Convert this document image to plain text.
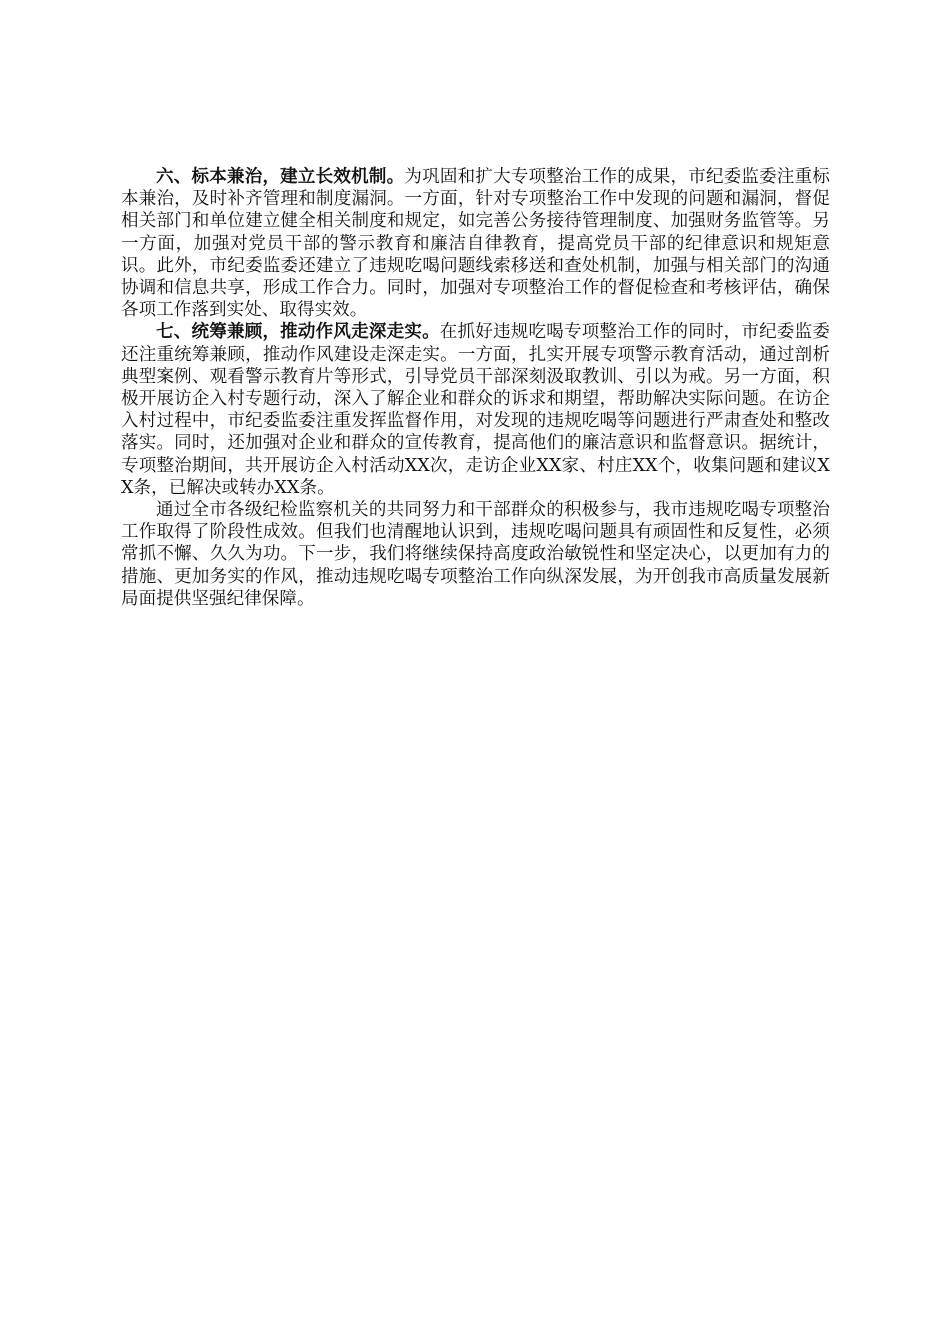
六、标本兼治，建立长效机制。为巩固和扩大专项整治工作的成果，市纪委监委注重标本兼治，及时补齐管理和制度漏洞。一方面，针对专项整治工作中发现的问题和漏洞，督促相关部门和单位建立健全相关制度和规定，如完善公务接待管理制度、加强财务监管等。另一方面，加强对党员干部的警示教育和廉洁自律教育，提高党员干部的纪律意识和规矩意识。此外，市纪委监委还建立了违规吃喝问题线索移送和查处机制，加强与相关部门的沟通协调和信息共享，形成工作合力。同时，加强对专项整治工作的督促检查和考核评估，确保各项工作落到实处、取得实效。

七、统筹兼顾，推动作风走深走实。在抓好违规吃喝专项整治工作的同时，市纪委监委还注重统筹兼顾，推动作风建设走深走实。一方面，扎实开展专项警示教育活动，通过剖析典型案例、观看警示教育片等形式，引导党员干部深刻汲取教训、引以为戒。另一方面，积极开展访企入村专题行动，深入了解企业和群众的诉求和期望，帮助解决实际问题。在访企入村过程中，市纪委监委注重发挥监督作用，对发现的违规吃喝等问题进行严肃查处和整改落实。同时，还加强对企业和群众的宣传教育，提高他们的廉洁意识和监督意识。据统计，专项整治期间，共开展访企入村活动XX次，走访企业XX家、村庄XX个，收集问题和建议XX条，已解决或转办XX条。

通过全市各级纪检监察机关的共同努力和干部群众的积极参与，我市违规吃喝专项整治工作取得了阶段性成效。但我们也清醒地认识到，违规吃喝问题具有顽固性和反复性，必须常抓不懈、久久为功。下一步，我们将继续保持高度政治敏锐性和坚定决心，以更加有力的措施、更加务实的作风，推动违规吃喝专项整治工作向纵深发展，为开创我市高质量发展新局面提供坚强纪律保障。
